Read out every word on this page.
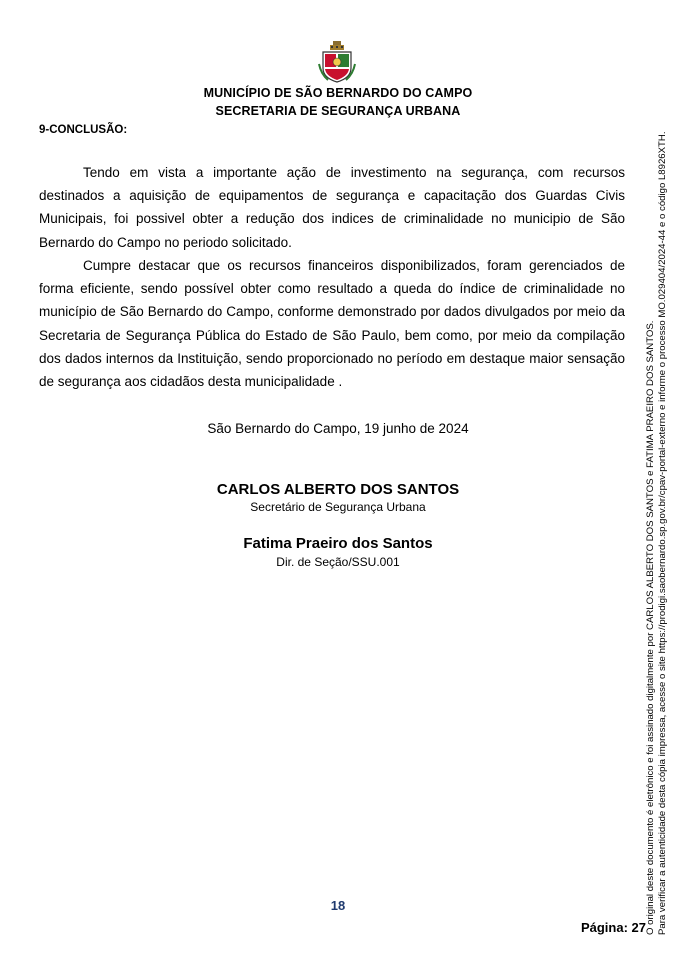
MUNICÍPIO DE SÃO BERNARDO DO CAMPO
SECRETARIA DE SEGURANÇA URBANA
9-CONCLUSÃO:

Tendo em vista a importante ação de investimento na segurança, com recursos destinados a aquisição de equipamentos de segurança e capacitação dos Guardas Civis Municipais, foi possivel obter a redução dos indices de criminalidade no municipio de São Bernardo do Campo no periodo solicitado.

Cumpre destacar que os recursos financeiros disponibilizados, foram gerenciados de forma eficiente, sendo possível obter como resultado a queda do índice de criminalidade no município de São Bernardo do Campo, conforme demonstrado por dados divulgados por meio da Secretaria de Segurança Pública do Estado de São Paulo, bem como, por meio da compilação dos dados internos da Instituição, sendo proporcionado no período em destaque maior sensação de segurança aos cidadãos desta municipalidade .

São Bernardo do Campo, 19 junho de 2024
CARLOS ALBERTO DOS SANTOS
Secretário de Segurança Urbana
Fatima Praeiro dos Santos
Dir. de Seção/SSU.001
18
Página: 27 O original deste documento é eletrônico e foi assinado digitalmente por CARLOS ALBERTO DOS SANTOS e FATIMA PRAEIRO DOS SANTOS. Para verificar a autenticidade desta cópia impressa, acesse o site https://prodigi.saobernardo.sp.gov.br/cpav-portal-externo e informe o processo MO.029404/2024-44 e o código L8926XTH.
